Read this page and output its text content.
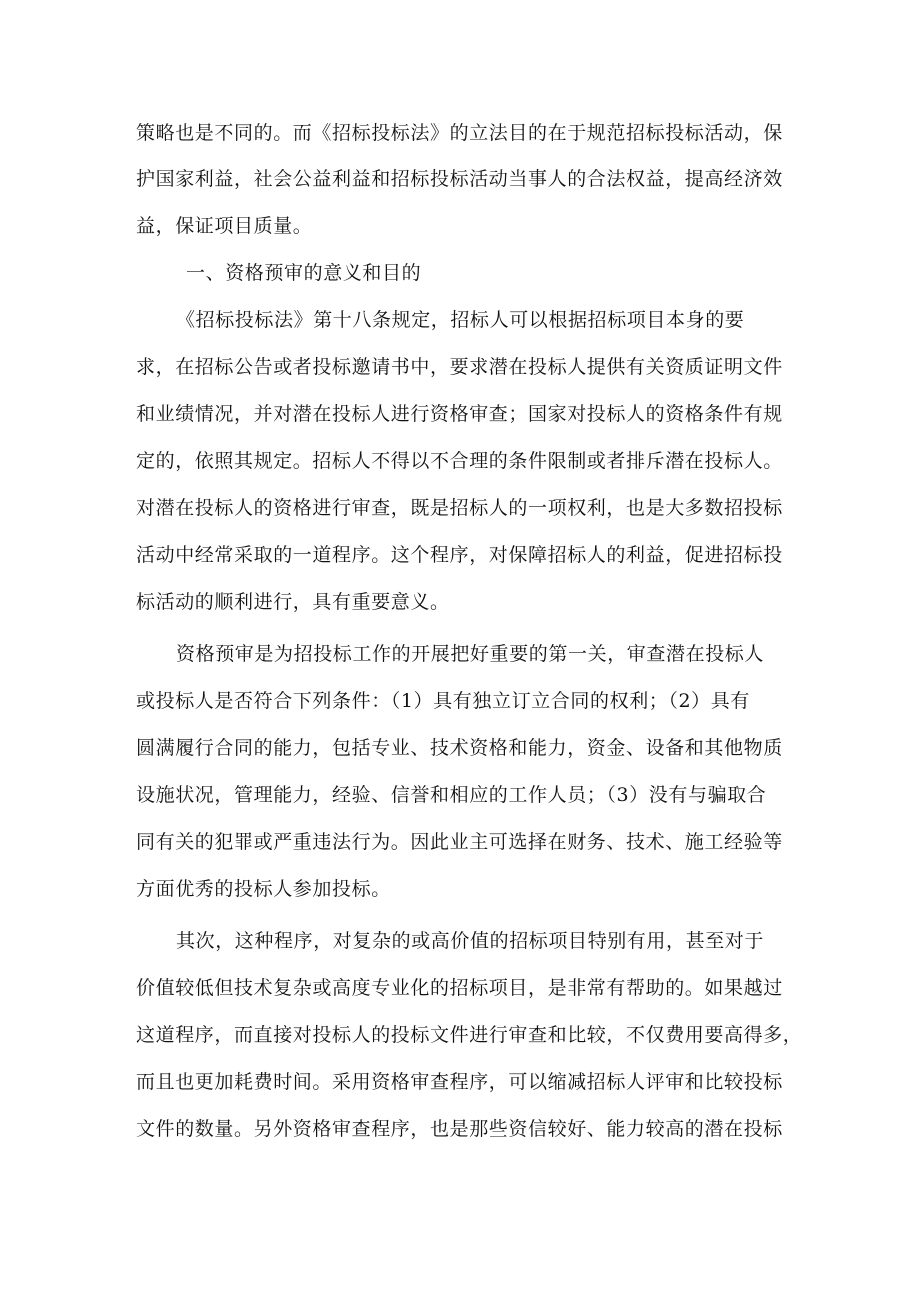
策略也是不同的。而《招标投标法》的立法目的在于规范招标投标活动，保
护国家利益，社会公益利益和招标投标活动当事人的合法权益，提高经济效
益，保证项目质量。
一、资格预审的意义和目的
《招标投标法》第十八条规定，招标人可以根据招标项目本身的要
求，在招标公告或者投标邀请书中，要求潜在投标人提供有关资质证明文件
和业绩情况，并对潜在投标人进行资格审查；国家对投标人的资格条件有规
定的，依照其规定。招标人不得以不合理的条件限制或者排斥潜在投标人。
对潜在投标人的资格进行审查，既是招标人的一项权利，也是大多数招投标
活动中经常采取的一道程序。这个程序，对保障招标人的利益，促进招标投
标活动的顺利进行，具有重要意义。
资格预审是为招投标工作的开展把好重要的第一关，审查潜在投标人
或投标人是否符合下列条件：（1）具有独立订立合同的权利；（2）具有
圆满履行合同的能力，包括专业、技术资格和能力，资金、设备和其他物质
设施状况，管理能力，经验、信誉和相应的工作人员；（3）没有与骗取合
同有关的犯罪或严重违法行为。因此业主可选择在财务、技术、施工经验等
方面优秀的投标人参加投标。
其次，这种程序，对复杂的或高价值的招标项目特别有用，甚至对于
价值较低但技术复杂或高度专业化的招标项目，是非常有帮助的。如果越过
这道程序，而直接对投标人的投标文件进行审查和比较，不仅费用要高得多，
而且也更加耗费时间。采用资格审查程序，可以缩减招标人评审和比较投标
文件的数量。另外资格审查程序，也是那些资信较好、能力较高的潜在投标
